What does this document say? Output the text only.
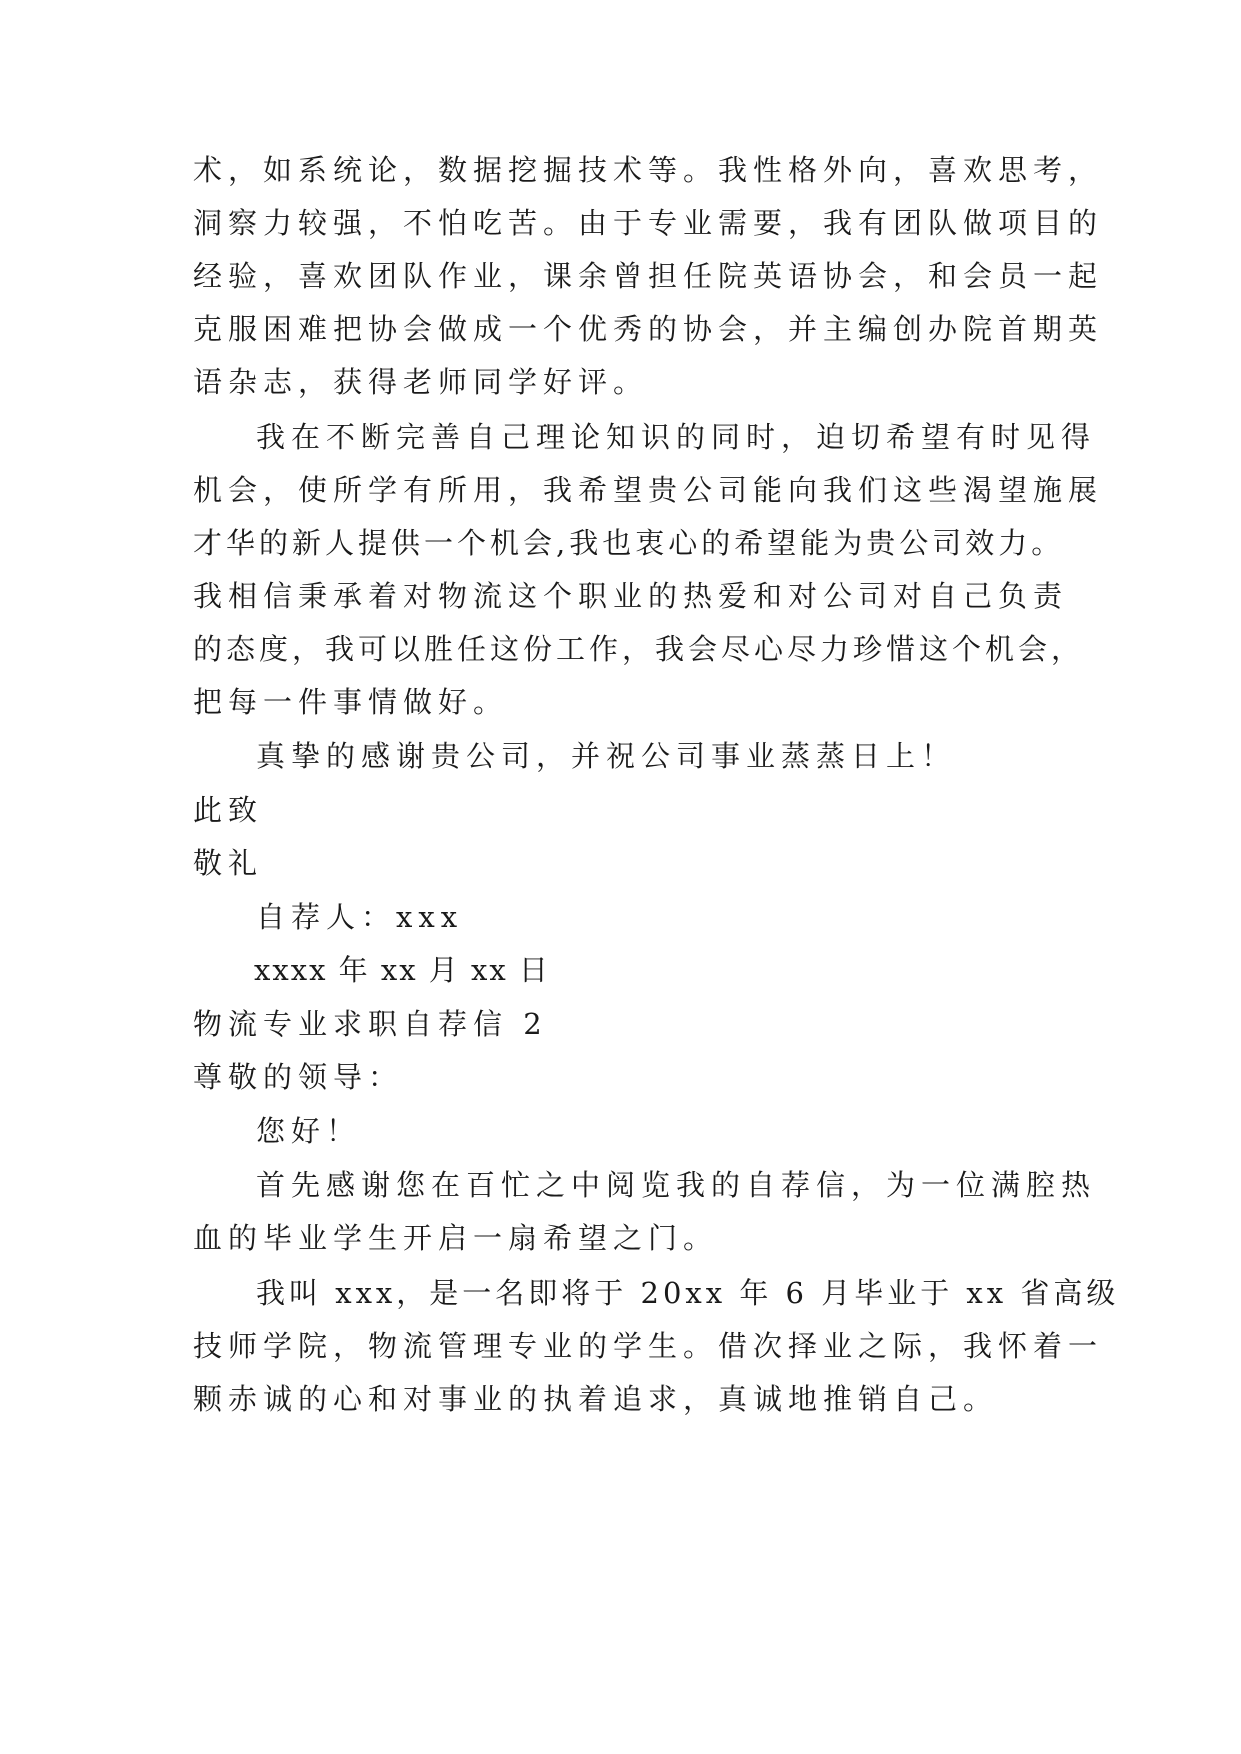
术，如系统论，数据挖掘技术等。我性格外向，喜欢思考，
洞察力较强，不怕吃苦。由于专业需要，我有团队做项目的
经验，喜欢团队作业，课余曾担任院英语协会，和会员一起
克服困难把协会做成一个优秀的协会，并主编创办院首期英
语杂志，获得老师同学好评。
我在不断完善自己理论知识的同时，迫切希望有时见得
机会，使所学有所用，我希望贵公司能向我们这些渴望施展
才华的新人提供一个机会,我也衷心的希望能为贵公司效力。
我相信秉承着对物流这个职业的热爱和对公司对自己负责
的态度，我可以胜任这份工作，我会尽心尽力珍惜这个机会，
把每一件事情做好。
真挚的感谢贵公司，并祝公司事业蒸蒸日上！
此致
敬礼
自荐人：xxx
xxxx 年 xx 月 xx 日
物流专业求职自荐信 2
尊敬的领导：
您好！
首先感谢您在百忙之中阅览我的自荐信，为一位满腔热
血的毕业学生开启一扇希望之门。
我叫 xxx，是一名即将于 20xx 年 6 月毕业于 xx 省高级
技师学院，物流管理专业的学生。借次择业之际，我怀着一
颗赤诚的心和对事业的执着追求，真诚地推销自己。
